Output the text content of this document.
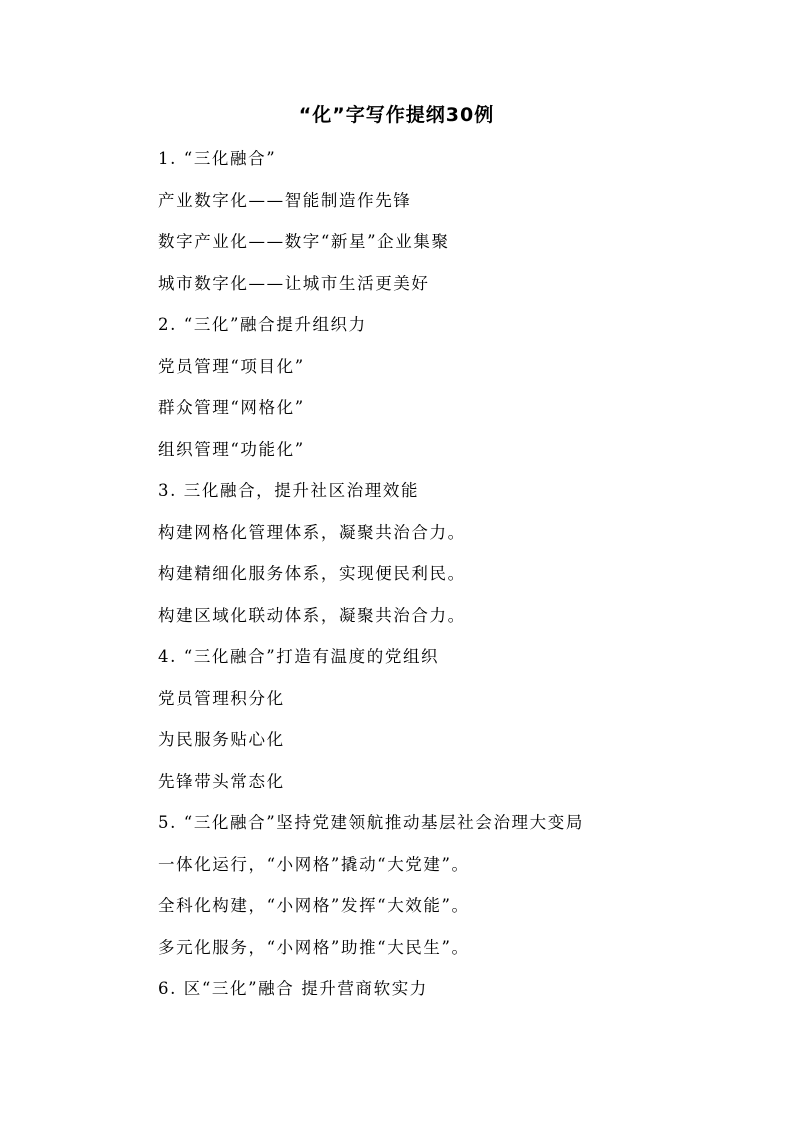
“化”字写作提纲30例
1. “三化融合”
产业数字化——智能制造作先锋
数字产业化——数字“新星”企业集聚
城市数字化——让城市生活更美好
2. “三化”融合提升组织力
党员管理“项目化”
群众管理“网格化”
组织管理“功能化”
3. 三化融合，提升社区治理效能
构建网格化管理体系，凝聚共治合力。
构建精细化服务体系，实现便民利民。
构建区域化联动体系，凝聚共治合力。
4. “三化融合”打造有温度的党组织
党员管理积分化
为民服务贴心化
先锋带头常态化
5. “三化融合”坚持党建领航推动基层社会治理大变局
一体化运行，“小网格”撬动“大党建”。
全科化构建，“小网格”发挥“大效能”。
多元化服务，“小网格”助推“大民生”。
6. 区“三化”融合 提升营商软实力
